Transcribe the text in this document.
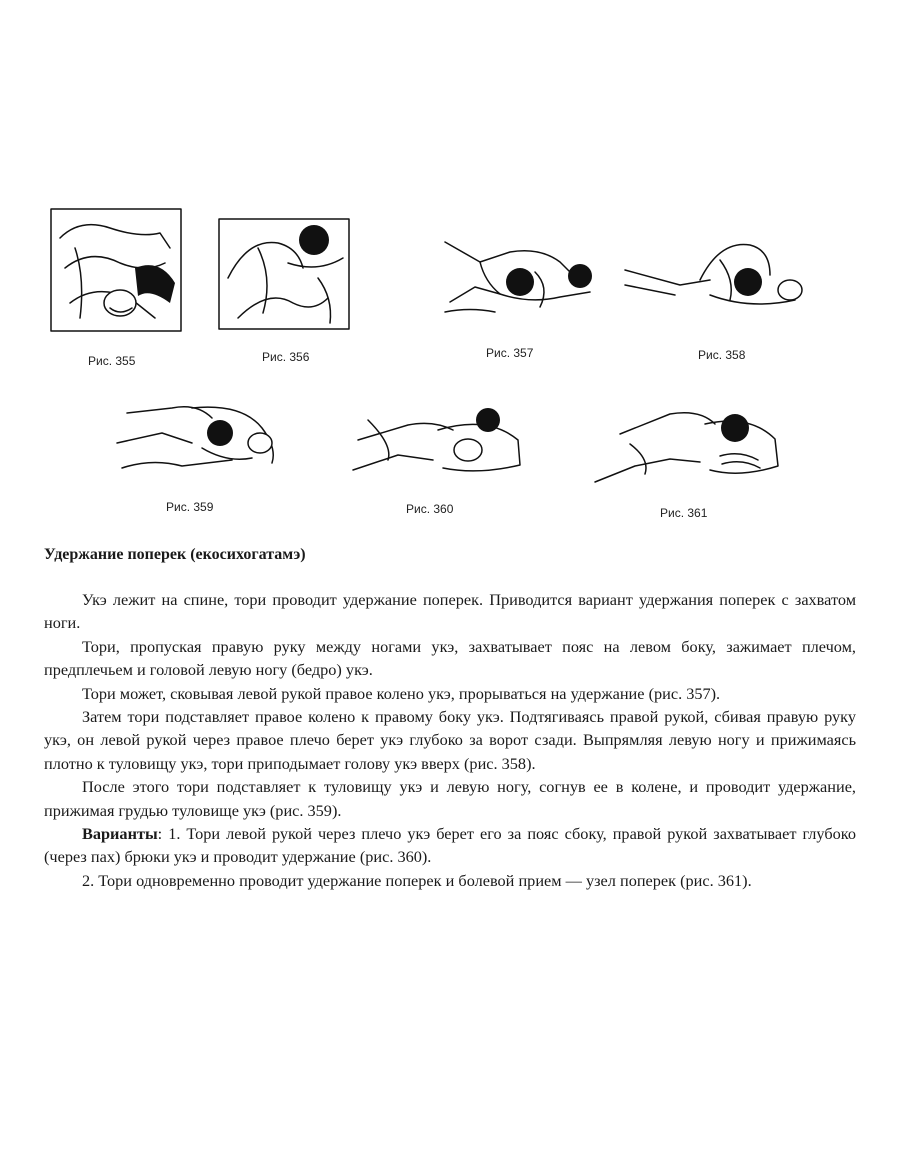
Рис. 355	Рис. 356	Рис. 357	Рис. 358
Рис. 359	Рис. 360	Рис. 361
Удержание поперек (екосихогатамэ)

Укэ лежит на спине, тори проводит удержание поперек. Приводится вариант удержания поперек с захватом ноги.

Тори, пропуская правую руку между ногами укэ, захватывает пояс на левом боку, зажимает плечом, предплечьем и головой левую ногу (бедро) укэ.

Тори может, сковывая левой рукой правое колено укэ, прорываться на удержание (рис. 357).

Затем тори подставляет правое колено к правому боку укэ. Подтягиваясь правой рукой, сбивая правую руку укэ, он левой рукой через правое плечо берет укэ глубоко за ворот сзади. Выпрямляя левую ногу и прижимаясь плотно к туловищу укэ, тори приподымает голову укэ вверх (рис. 358).

После этого тори подставляет к туловищу укэ и левую ногу, согнув ее в колене, и проводит удержание, прижимая грудью туловище укэ (рис. 359).

Варианты: 1. Тори левой рукой через плечо укэ берет его за пояс сбоку, правой рукой захватывает глубоко (через пах) брюки укэ и проводит удержание (рис. 360).

2. Тори одновременно проводит удержание поперек и болевой прием — узел поперек (рис. 361).
